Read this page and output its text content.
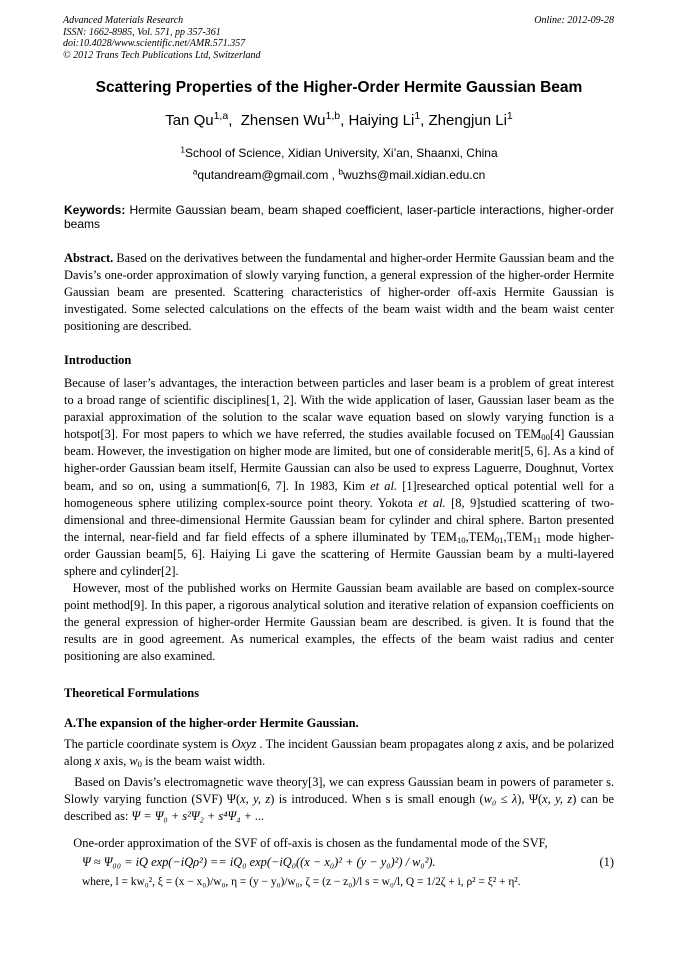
Advanced Materials Research
ISSN: 1662-8985, Vol. 571, pp 357-361
doi:10.4028/www.scientific.net/AMR.571.357
© 2012 Trans Tech Publications Ltd, Switzerland
Online: 2012-09-28
Scattering Properties of the Higher-Order Hermite Gaussian Beam
Tan Qu$^{1,a}$,  Zhensen Wu$^{1,b}$, Haiying Li$^1$, Zhengjun Li$^1$
$^1$School of Science, Xidian University, Xi’an, Shaanxi, China
$^a$qutandream@gmail.com , $^b$wuzhs@mail.xidian.edu.cn
Keywords: Hermite Gaussian beam, beam shaped coefficient, laser-particle interactions, higher-order beams
Abstract. Based on the derivatives between the fundamental and higher-order Hermite Gaussian beam and the Davis’s one-order approximation of slowly varying function, a general expression of the higher-order Hermite Gaussian beam are presented. Scattering characteristics of higher-order off-axis Hermite Gaussian is investigated. Some selected calculations on the effects of the beam waist width and the beam waist center positioning are described.
Introduction
Because of laser’s advantages, the interaction between particles and laser beam is a problem of great interest to a broad range of scientific disciplines[1, 2]. With the wide application of laser, Gaussian laser beam as the paraxial approximation of the solution to the scalar wave equation based on slowly varying function is a hotspot[3]. For most papers to which we have referred, the studies available focused on $TEM_{00}[4]$ Gaussian beam. However, the investigation on higher mode are limited, but one of considerable merit[5, 6]. As a kind of higher-order Gaussian beam itself, Hermite Gaussian can also be used to express Laguerre, Doughnut, Vortex beam, and so on, using a summation[6, 7]. In 1983, Kim et al. [1]researched optical potential well for a homogeneous sphere utilizing complex-source point theory. Yokota et al. [8, 9]studied scattering of two-dimensional and three-dimensional Hermite Gaussian beam for cylinder and chiral sphere. Barton presented the internal, near-field and far field effects of a sphere illuminated by $TEM_{10},TEM_{01},TEM_{11}$ mode higher-order Gaussian beam[5, 6]. Haiying Li gave the scattering of Hermite Gaussian beam by a multi-layered sphere and cylinder[2].
However, most of the published works on Hermite Gaussian beam available are based on complex-source point method[9]. In this paper, a rigorous analytical solution and iterative relation of expansion coefficients on the general expression of higher-order Hermite Gaussian beam are described. is given. It is found that the results are in good agreement. As numerical examples, the effects of the beam waist radius and center positioning are also examined.
Theoretical Formulations
A.The expansion of the higher-order Hermite Gaussian.
The particle coordinate system is Oxyz . The incident Gaussian beam propagates along z axis, and be polarized along x axis, $w_0$ is the beam waist width.
Based on Davis’s electromagnetic wave theory[3], we can express Gaussian beam in powers of parameter s. Slowly varying function (SVF) Ψ(x, y, z) is introduced. When s is small enough (w₀ ≤ λ), Ψ(x, y, z) can be described as: Ψ = Ψ₀ + s²Ψ₂ + s⁴Ψ₄ + ...
One-order approximation of the SVF of off-axis is chosen as the fundamental mode of the SVF,
Ψ ≈ Ψ₀₀ = iQ exp(−iQρ²) == iQ₀ exp(−iQ₀((x − x₀)² + (y − y₀)²) / w₀²).	(1)
where, l = kw₀², ξ = (x − x₀)/w₀, η = (y − y₀)/w₀, ζ = (z − z₀)/l s = w₀/l, Q = 1/2ζ + i, ρ² = ξ² + η².
